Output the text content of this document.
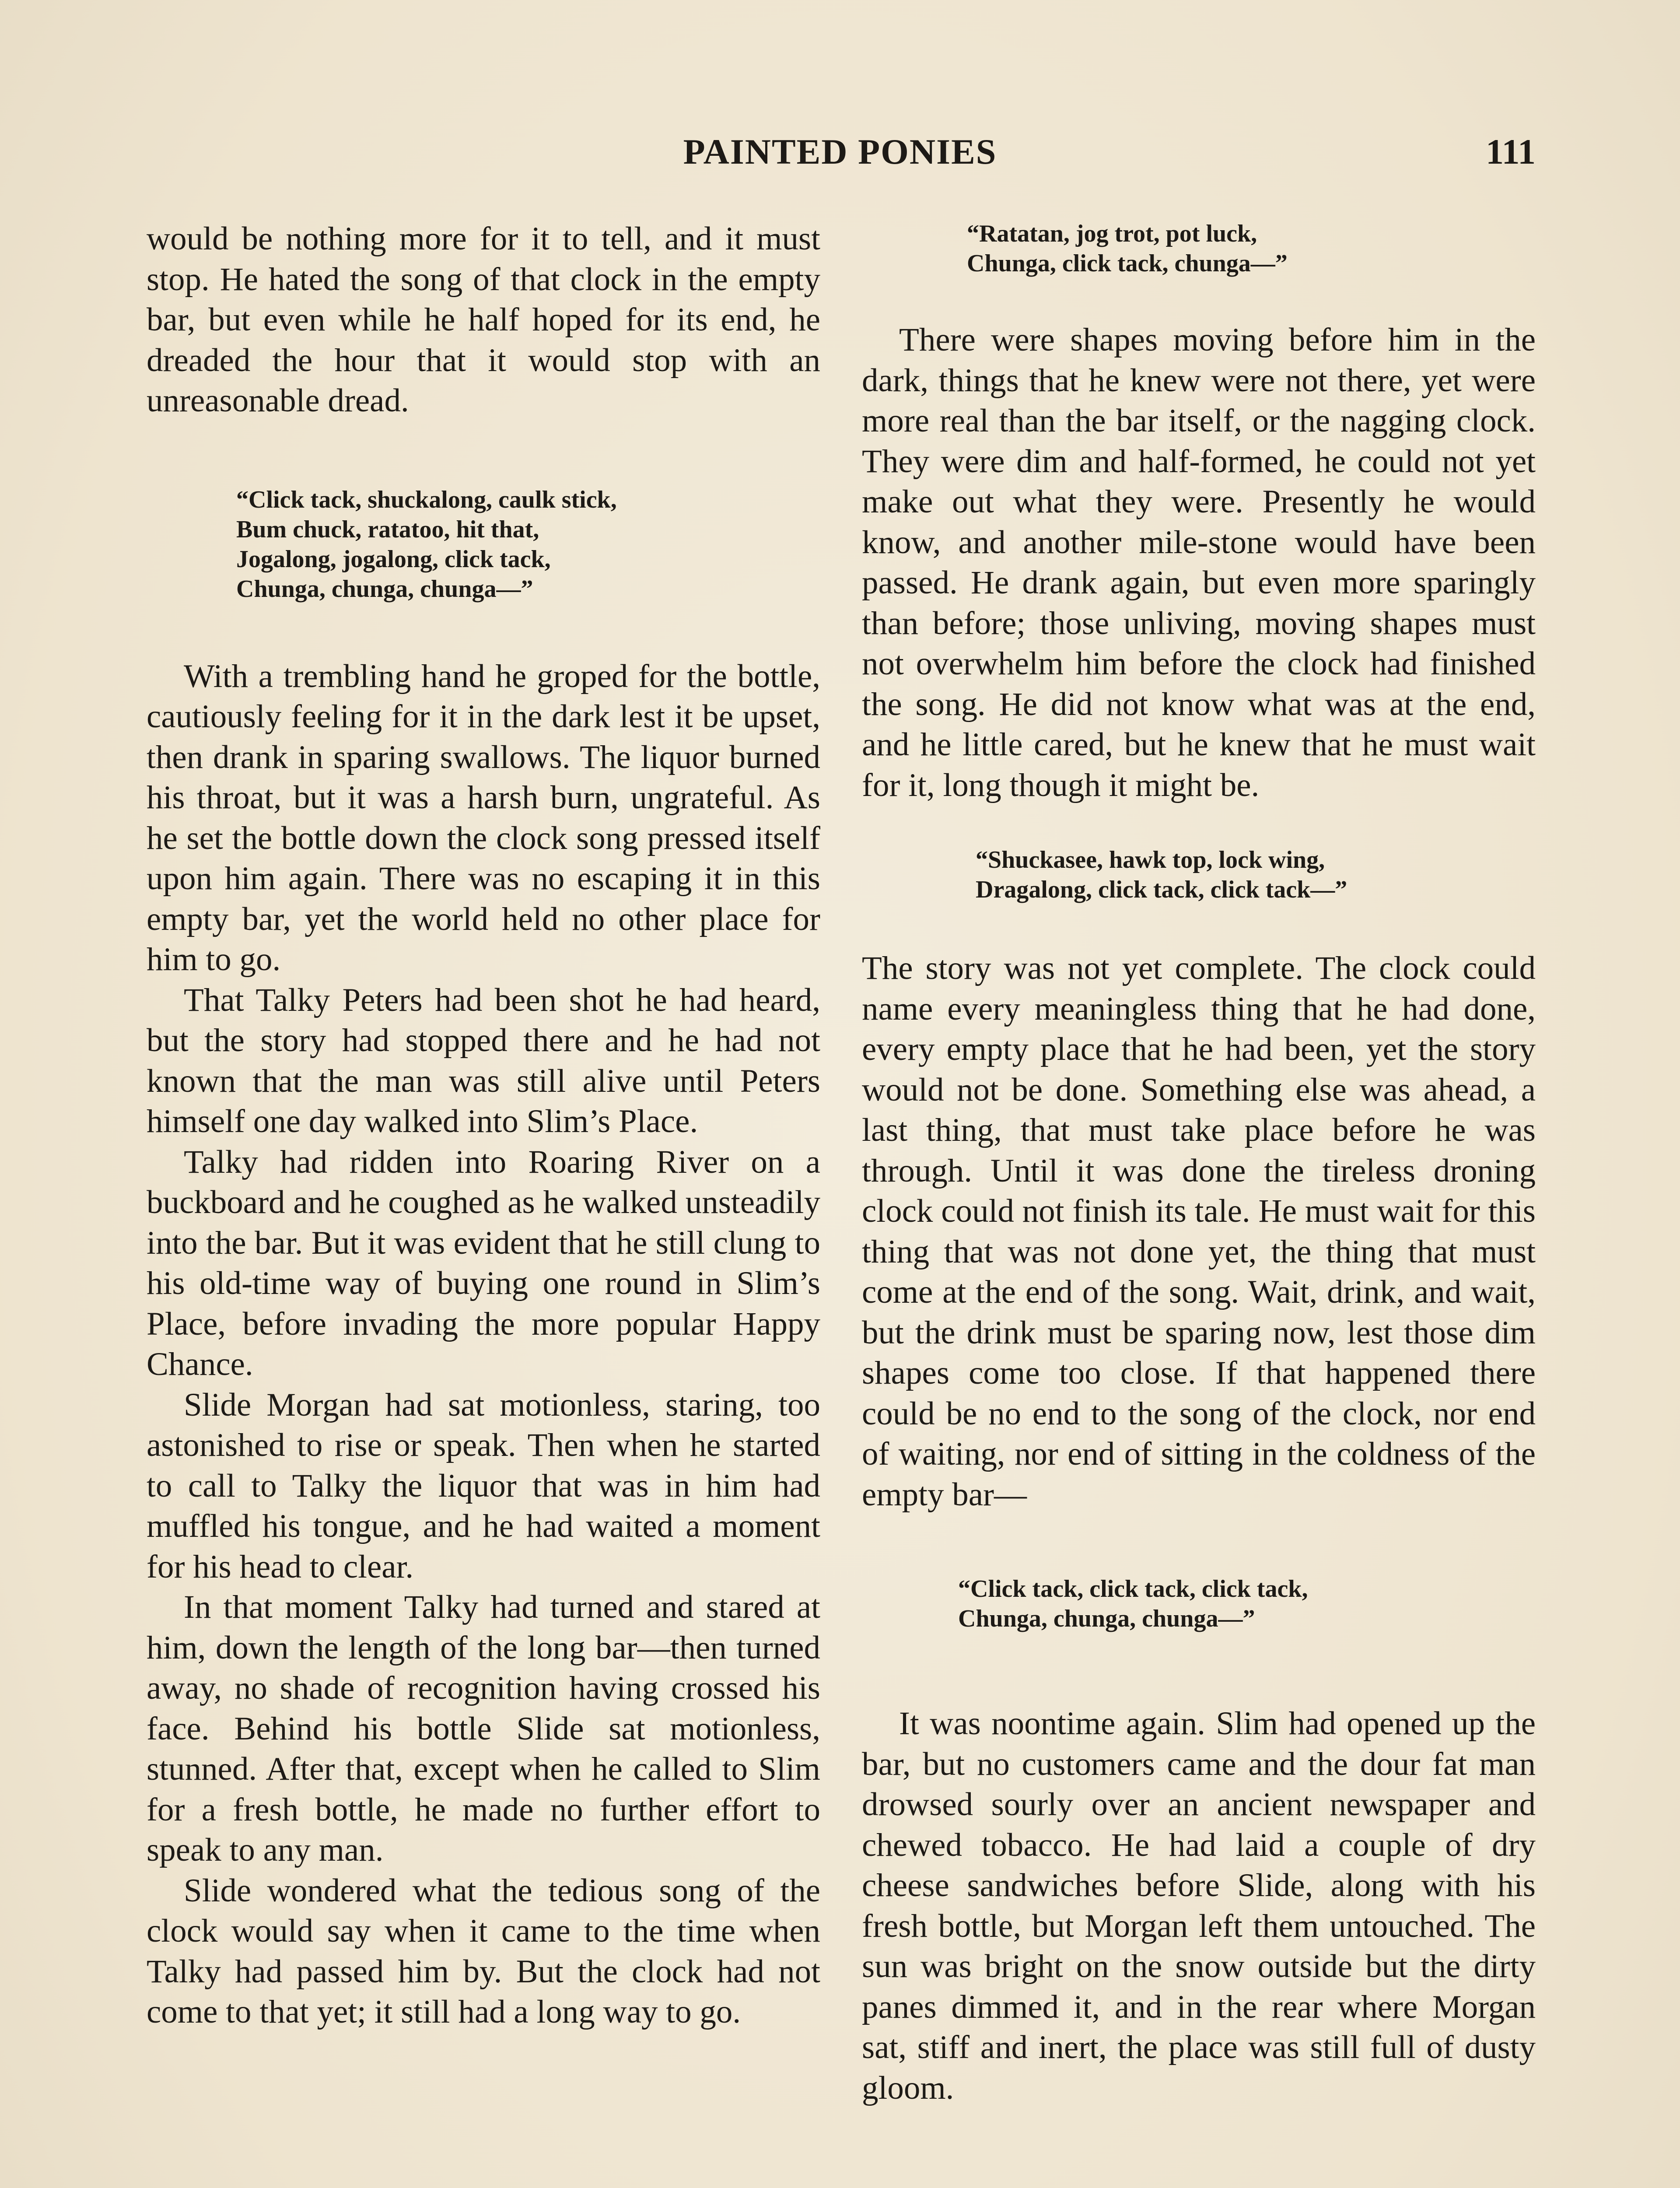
PAINTED PONIES	111

would be nothing more for it to tell, and it must stop. He hated the song of that clock in the empty bar, but even while he half hoped for its end, he dreaded the hour that it would stop with an unreasonable dread.

“Click tack, shuckalong, caulk stick,
Bum chuck, ratatoo, hit that,
Jogalong, jogalong, click tack,
Chunga, chunga, chunga—”

With a trembling hand he groped for the bottle, cautiously feeling for it in the dark lest it be upset, then drank in sparing swallows. The liquor burned his throat, but it was a harsh burn, ungrateful. As he set the bottle down the clock song pressed itself upon him again. There was no escaping it in this empty bar, yet the world held no other place for him to go.

That Talky Peters had been shot he had heard, but the story had stopped there and he had not known that the man was still alive until Peters himself one day walked into Slim’s Place.

Talky had ridden into Roaring River on a buckboard and he coughed as he walked unsteadily into the bar. But it was evident that he still clung to his old-time way of buying one round in Slim’s Place, before invading the more popular Happy Chance.

Slide Morgan had sat motionless, staring, too astonished to rise or speak. Then when he started to call to Talky the liquor that was in him had muffled his tongue, and he had waited a moment for his head to clear.

In that moment Talky had turned and stared at him, down the length of the long bar—then turned away, no shade of recognition having crossed his face. Behind his bottle Slide sat motionless, stunned. After that, except when he called to Slim for a fresh bottle, he made no further effort to speak to any man.

Slide wondered what the tedious song of the clock would say when it came to the time when Talky had passed him by. But the clock had not come to that yet; it still had a long way to go.

“Ratatan, jog trot, pot luck,
Chunga, click tack, chunga—”

There were shapes moving before him in the dark, things that he knew were not there, yet were more real than the bar itself, or the nagging clock. They were dim and half-formed, he could not yet make out what they were. Presently he would know, and another mile-stone would have been passed. He drank again, but even more sparingly than before; those unliving, moving shapes must not overwhelm him before the clock had finished the song. He did not know what was at the end, and he little cared, but he knew that he must wait for it, long though it might be.

“Shuckasee, hawk top, lock wing,
Dragalong, click tack, click tack—”

The story was not yet complete. The clock could name every meaningless thing that he had done, every empty place that he had been, yet the story would not be done. Something else was ahead, a last thing, that must take place before he was through. Until it was done the tireless droning clock could not finish its tale. He must wait for this thing that was not done yet, the thing that must come at the end of the song. Wait, drink, and wait, but the drink must be sparing now, lest those dim shapes come too close. If that happened there could be no end to the song of the clock, nor end of waiting, nor end of sitting in the coldness of the empty bar—

“Click tack, click tack, click tack,
Chunga, chunga, chunga—”

It was noontime again. Slim had opened up the bar, but no customers came and the dour fat man drowsed sourly over an ancient newspaper and chewed tobacco. He had laid a couple of dry cheese sandwiches before Slide, along with his fresh bottle, but Morgan left them untouched. The sun was bright on the snow outside but the dirty panes dimmed it, and in the rear where Morgan sat, stiff and inert, the place was still full of dusty gloom.
